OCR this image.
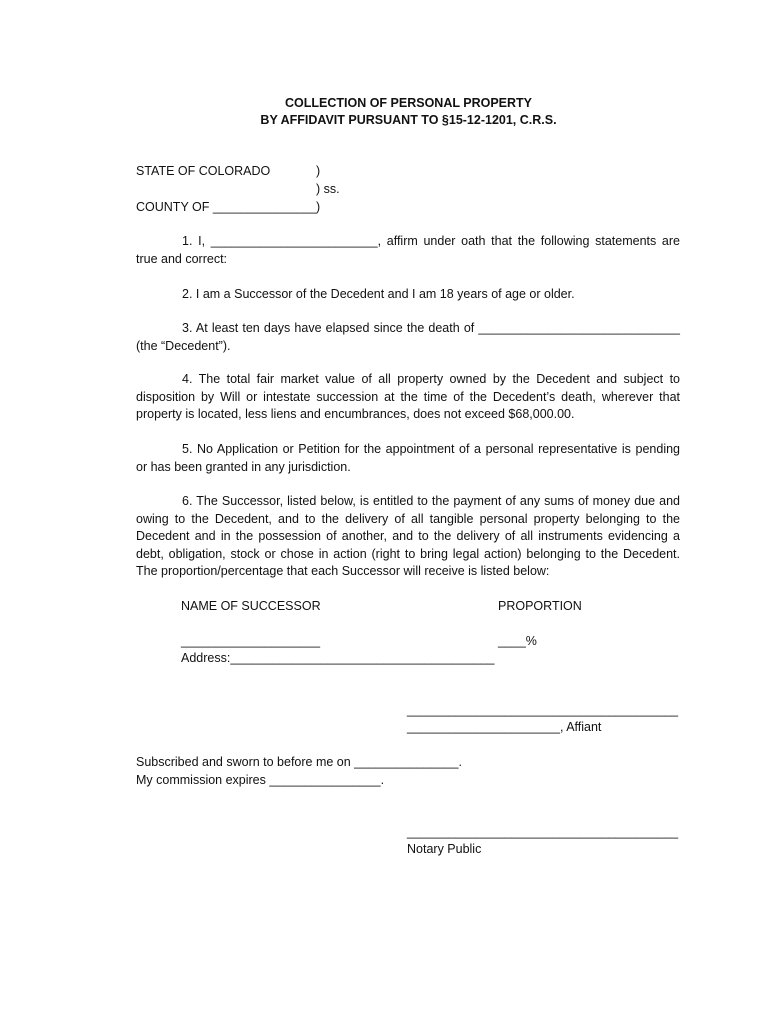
COLLECTION OF PERSONAL PROPERTY
BY AFFIDAVIT PURSUANT TO §15-12-1201, C.R.S.
STATE OF COLORADO	)
) ss.
COUNTY OF _______________
)
1. I, ________________________, affirm under oath that the following statements are true and correct:
2. I am a Successor of the Decedent and I am 18 years of age or older.
3. At least ten days have elapsed since the death of _____________________________ (the “Decedent”).
4. The total fair market value of all property owned by the Decedent and subject to disposition by Will or intestate succession at the time of the Decedent’s death, wherever that property is located, less liens and encumbrances, does not exceed $68,000.00.
5. No Application or Petition for the appointment of a personal representative is pending or has been granted in any jurisdiction.
6. The Successor, listed below, is entitled to the payment of any sums of money due and owing to the Decedent, and to the delivery of all tangible personal property belonging to the Decedent and in the possession of another, and to the delivery of all instruments evidencing a debt, obligation, stock or chose in action (right to bring legal action) belonging to the Decedent. The proportion/percentage that each Successor will receive is listed below:
NAME OF SUCCESSOR	PROPORTION
____________________	____%
Address:______________________________________
_______________________________________
______________________, Affiant
Subscribed and sworn to before me on _______________.
My commission expires ________________.
_______________________________________
Notary Public
